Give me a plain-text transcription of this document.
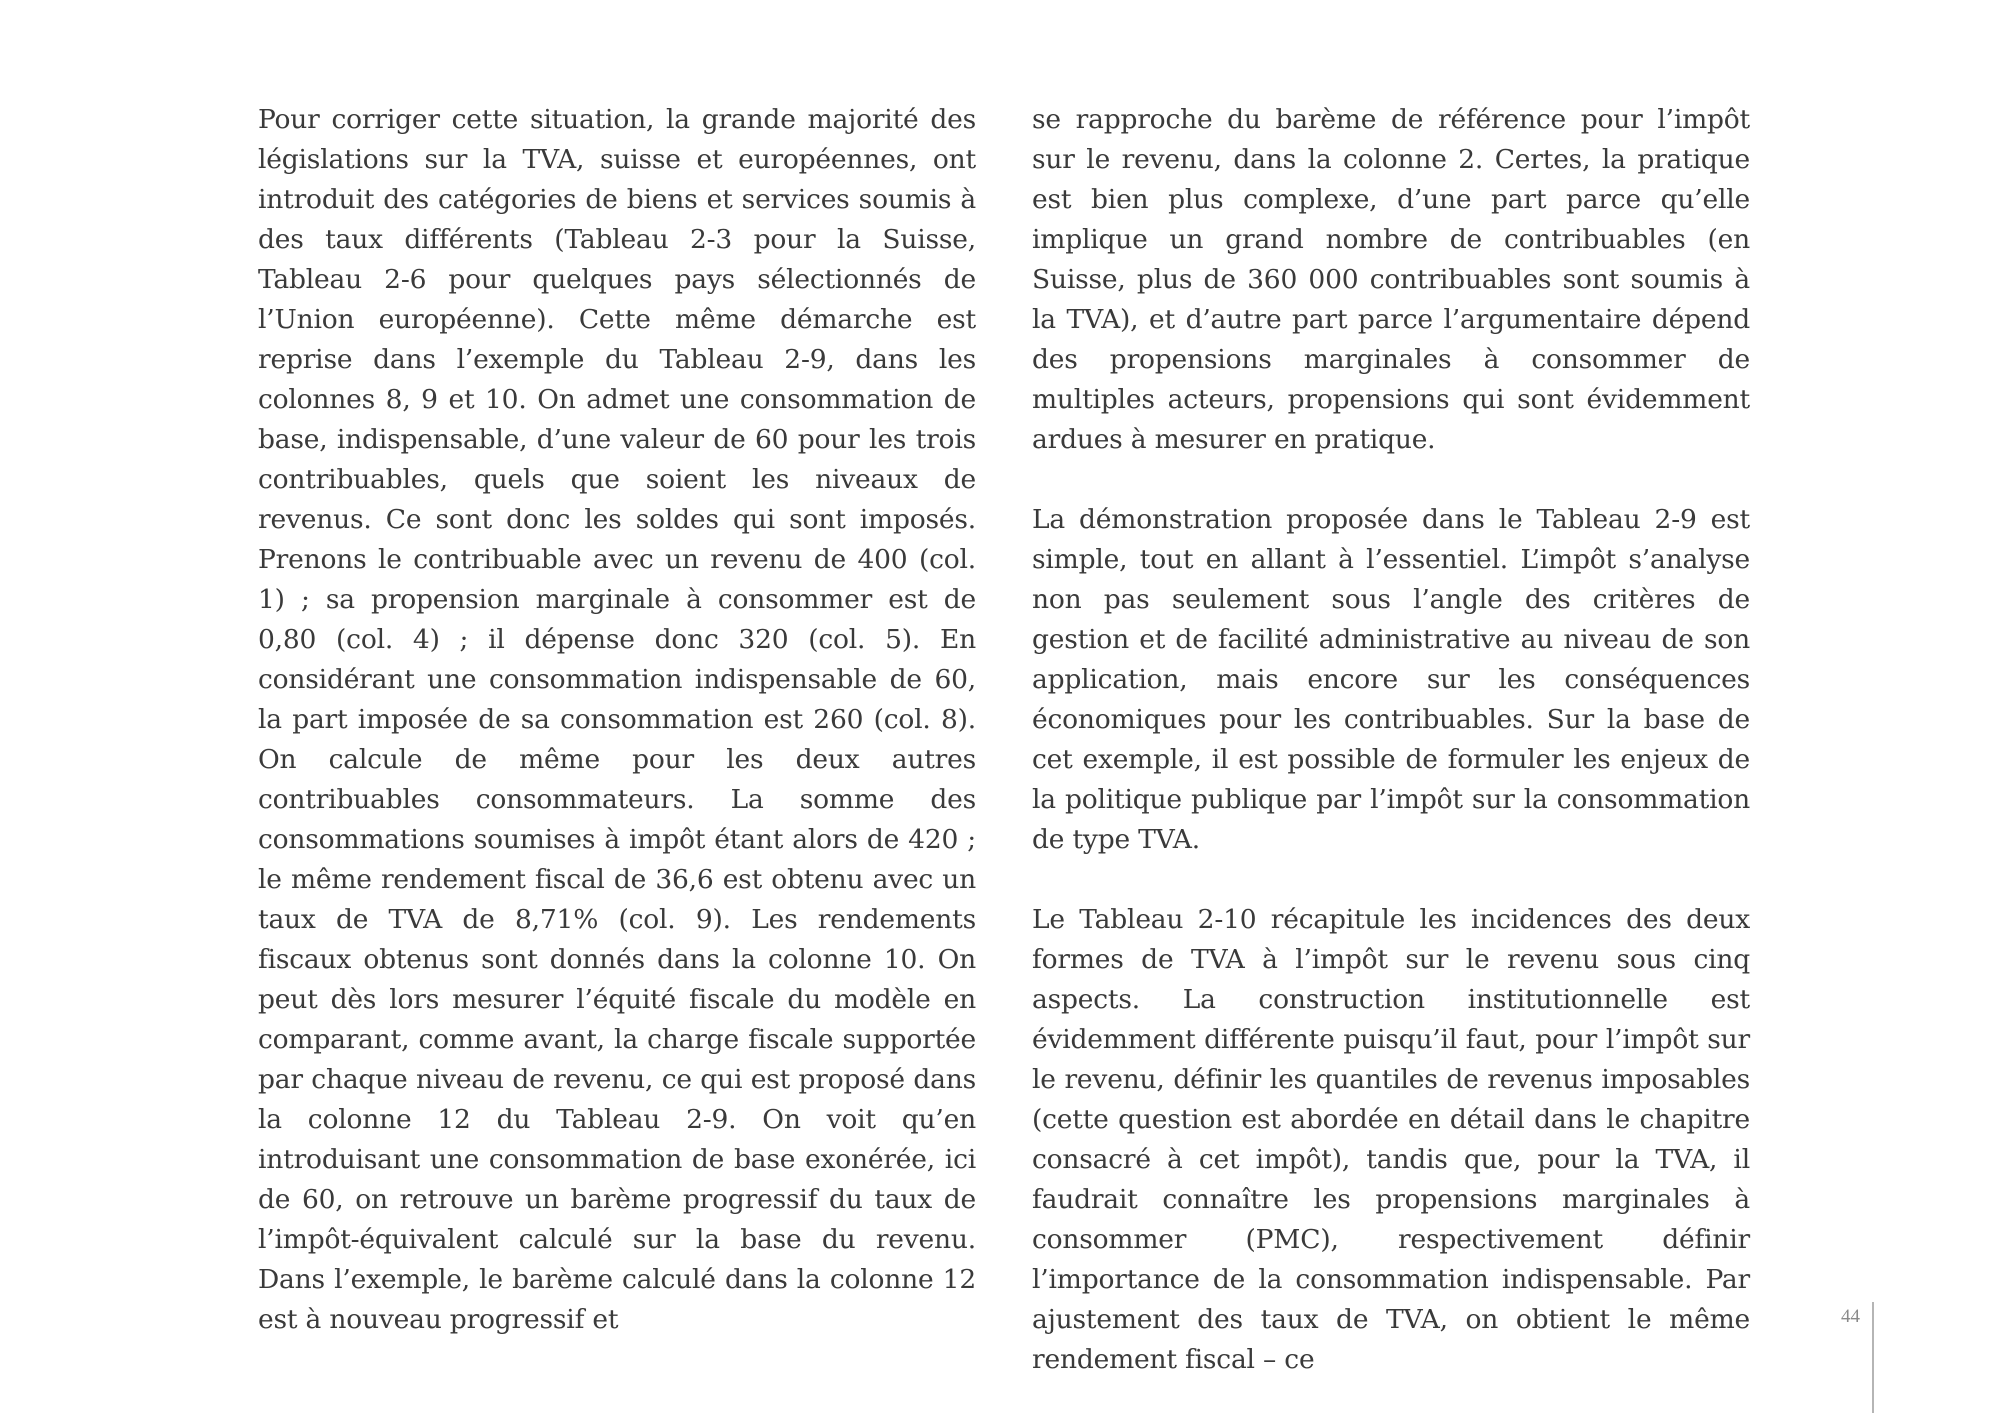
Pour corriger cette situation, la grande majorité des législations sur la TVA, suisse et européennes, ont introduit des catégories de biens et services soumis à des taux différents (Tableau 2-3 pour la Suisse, Tableau 2-6 pour quelques pays sélectionnés de l’Union européenne). Cette même démarche est reprise dans l’exemple du Tableau 2-9, dans les colonnes 8, 9 et 10. On admet une consommation de base, indispensable, d’une valeur de 60 pour les trois contribuables, quels que soient les niveaux de revenus. Ce sont donc les soldes qui sont imposés. Prenons le contribuable avec un revenu de 400 (col. 1) ; sa propension marginale à consommer est de 0,80 (col. 4) ; il dépense donc 320 (col. 5). En considérant une consommation indispensable de 60, la part imposée de sa consommation est 260 (col. 8). On calcule de même pour les deux autres contribuables consommateurs. La somme des consommations soumises à impôt étant alors de 420 ; le même rendement fiscal de 36,6 est obtenu avec un taux de TVA de 8,71% (col. 9). Les rendements fiscaux obtenus sont donnés dans la colonne 10. On peut dès lors mesurer l’équité fiscale du modèle en comparant, comme avant, la charge fiscale supportée par chaque niveau de revenu, ce qui est proposé dans la colonne 12 du Tableau 2-9. On voit qu’en introduisant une consommation de base exonérée, ici de 60, on retrouve un barème progressif du taux de l’impôt-équivalent calculé sur la base du revenu. Dans l’exemple, le barème calculé dans la colonne 12 est à nouveau progressif et

se rapproche du barème de référence pour l’impôt sur le revenu, dans la colonne 2. Certes, la pratique est bien plus complexe, d’une part parce qu’elle implique un grand nombre de contribuables (en Suisse, plus de 360 000 contribuables sont soumis à la TVA), et d’autre part parce l’argumentaire dépend des propensions marginales à consommer de multiples acteurs, propensions qui sont évidemment ardues à mesurer en pratique.

La démonstration proposée dans le Tableau 2-9 est simple, tout en allant à l’essentiel. L’impôt s’analyse non pas seulement sous l’angle des critères de gestion et de facilité administrative au niveau de son application, mais encore sur les conséquences économiques pour les contribuables. Sur la base de cet exemple, il est possible de formuler les enjeux de la politique publique par l’impôt sur la consommation de type TVA.

Le Tableau 2-10 récapitule les incidences des deux formes de TVA à l’impôt sur le revenu sous cinq aspects. La construction institutionnelle est évidemment différente puisqu’il faut, pour l’impôt sur le revenu, définir les quantiles de revenus imposables (cette question est abordée en détail dans le chapitre consacré à cet impôt), tandis que, pour la TVA, il faudrait connaître les propensions marginales à consommer (PMC), respectivement définir l’importance de la consommation indispensable. Par ajustement des taux de TVA, on obtient le même rendement fiscal – ce

44
